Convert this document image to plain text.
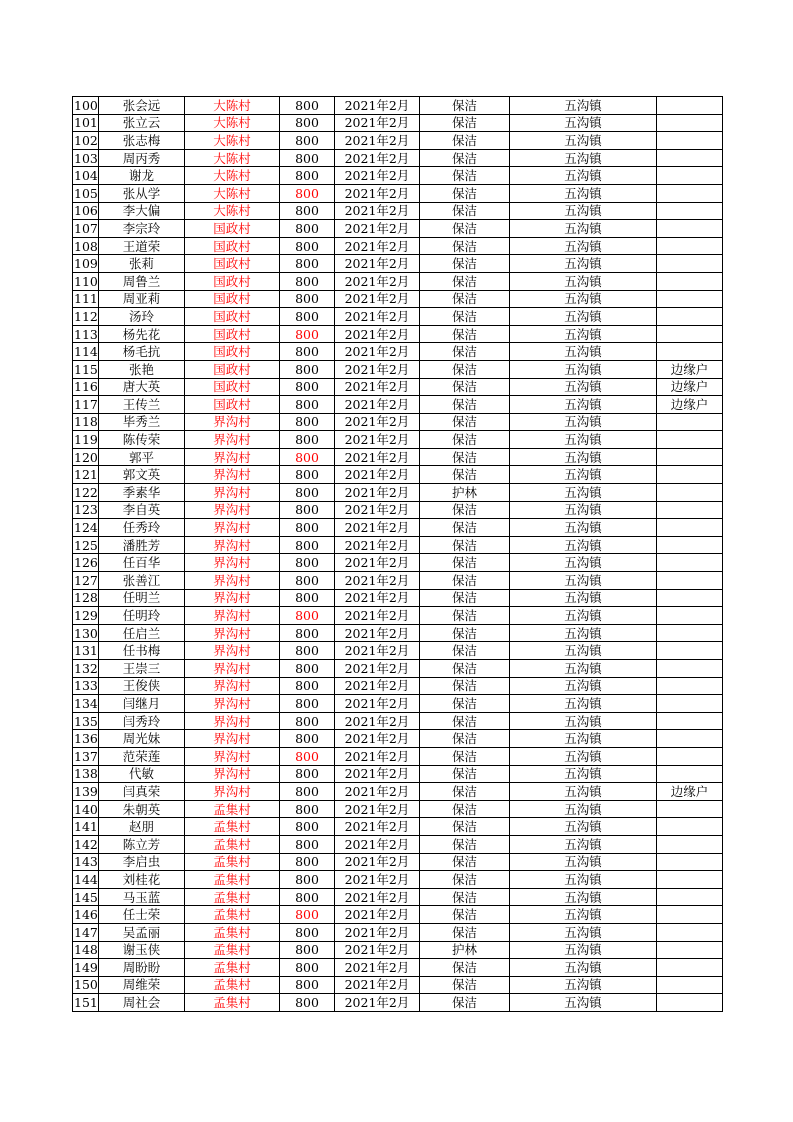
100	张会远	大陈村	800	2021年2月	保洁	五沟镇	
101	张立云	大陈村	800	2021年2月	保洁	五沟镇	
102	张志梅	大陈村	800	2021年2月	保洁	五沟镇	
103	周丙秀	大陈村	800	2021年2月	保洁	五沟镇	
104	谢龙	大陈村	800	2021年2月	保洁	五沟镇	
105	张从学	大陈村	800	2021年2月	保洁	五沟镇	
106	李大偏	大陈村	800	2021年2月	保洁	五沟镇	
107	李宗玲	国政村	800	2021年2月	保洁	五沟镇	
108	王道荣	国政村	800	2021年2月	保洁	五沟镇	
109	张莉	国政村	800	2021年2月	保洁	五沟镇	
110	周鲁兰	国政村	800	2021年2月	保洁	五沟镇	
111	周亚莉	国政村	800	2021年2月	保洁	五沟镇	
112	汤玲	国政村	800	2021年2月	保洁	五沟镇	
113	杨先花	国政村	800	2021年2月	保洁	五沟镇	
114	杨毛抗	国政村	800	2021年2月	保洁	五沟镇	
115	张艳	国政村	800	2021年2月	保洁	五沟镇	边缘户
116	唐大英	国政村	800	2021年2月	保洁	五沟镇	边缘户
117	王传兰	国政村	800	2021年2月	保洁	五沟镇	边缘户
118	毕秀兰	界沟村	800	2021年2月	保洁	五沟镇	
119	陈传荣	界沟村	800	2021年2月	保洁	五沟镇	
120	郭平	界沟村	800	2021年2月	保洁	五沟镇	
121	郭文英	界沟村	800	2021年2月	保洁	五沟镇	
122	季素华	界沟村	800	2021年2月	护林	五沟镇	
123	李自英	界沟村	800	2021年2月	保洁	五沟镇	
124	任秀玲	界沟村	800	2021年2月	保洁	五沟镇	
125	潘胜芳	界沟村	800	2021年2月	保洁	五沟镇	
126	任百华	界沟村	800	2021年2月	保洁	五沟镇	
127	张善江	界沟村	800	2021年2月	保洁	五沟镇	
128	任明兰	界沟村	800	2021年2月	保洁	五沟镇	
129	任明玲	界沟村	800	2021年2月	保洁	五沟镇	
130	任启兰	界沟村	800	2021年2月	保洁	五沟镇	
131	任书梅	界沟村	800	2021年2月	保洁	五沟镇	
132	王崇三	界沟村	800	2021年2月	保洁	五沟镇	
133	王俊侠	界沟村	800	2021年2月	保洁	五沟镇	
134	闫继月	界沟村	800	2021年2月	保洁	五沟镇	
135	闫秀玲	界沟村	800	2021年2月	保洁	五沟镇	
136	周光妹	界沟村	800	2021年2月	保洁	五沟镇	
137	范荣莲	界沟村	800	2021年2月	保洁	五沟镇	
138	代敏	界沟村	800	2021年2月	保洁	五沟镇	
139	闫真荣	界沟村	800	2021年2月	保洁	五沟镇	边缘户
140	朱朝英	孟集村	800	2021年2月	保洁	五沟镇	
141	赵朋	孟集村	800	2021年2月	保洁	五沟镇	
142	陈立芳	孟集村	800	2021年2月	保洁	五沟镇	
143	李启虫	孟集村	800	2021年2月	保洁	五沟镇	
144	刘桂花	孟集村	800	2021年2月	保洁	五沟镇	
145	马玉蓝	孟集村	800	2021年2月	保洁	五沟镇	
146	任士荣	孟集村	800	2021年2月	保洁	五沟镇	
147	吴孟丽	孟集村	800	2021年2月	保洁	五沟镇	
148	谢玉侠	孟集村	800	2021年2月	护林	五沟镇	
149	周盼盼	孟集村	800	2021年2月	保洁	五沟镇	
150	周维荣	孟集村	800	2021年2月	保洁	五沟镇	
151	周社会	孟集村	800	2021年2月	保洁	五沟镇	
